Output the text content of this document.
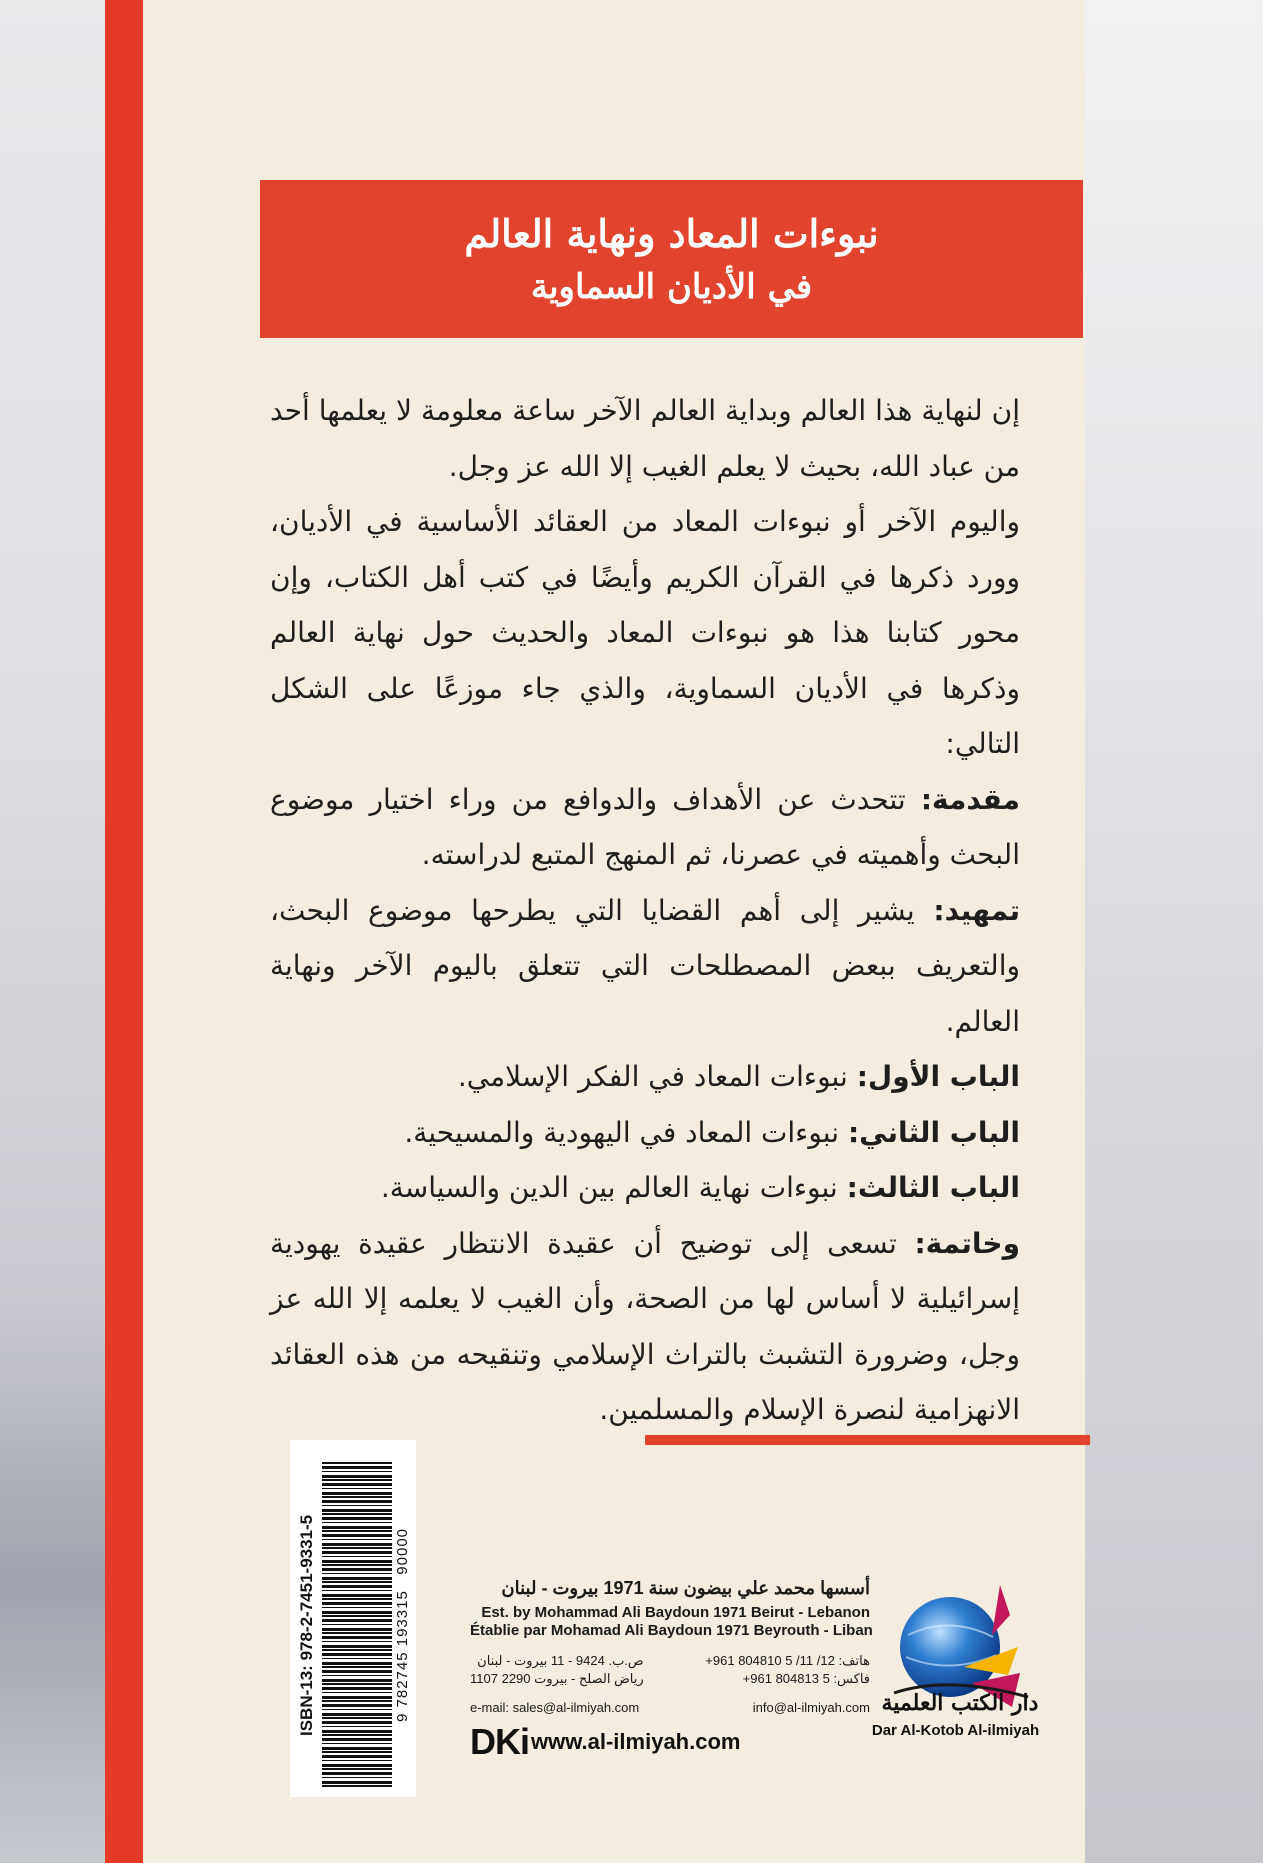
نبوءات المعاد ونهاية العالم
في الأديان السماوية

إن لنهاية هذا العالم وبداية العالم الآخر ساعة معلومة لا يعلمها أحد من عباد الله، بحيث لا يعلم الغيب إلا الله عز وجل.

واليوم الآخر أو نبوءات المعاد من العقائد الأساسية في الأديان، وورد ذكرها في القرآن الكريم وأيضًا في كتب أهل الكتاب، وإن محور كتابنا هذا هو نبوءات المعاد والحديث حول نهاية العالم وذكرها في الأديان السماوية، والذي جاء موزعًا على الشكل التالي:

مقدمة: تتحدث عن الأهداف والدوافع من وراء اختيار موضوع البحث وأهميته في عصرنا، ثم المنهج المتبع لدراسته.

تمهيد: يشير إلى أهم القضايا التي يطرحها موضوع البحث، والتعريف ببعض المصطلحات التي تتعلق باليوم الآخر ونهاية العالم.

الباب الأول: نبوءات المعاد في الفكر الإسلامي.

الباب الثاني: نبوءات المعاد في اليهودية والمسيحية.

الباب الثالث: نبوءات نهاية العالم بين الدين والسياسة.

وخاتمة: تسعى إلى توضيح أن عقيدة الانتظار عقيدة يهودية إسرائيلية لا أساس لها من الصحة، وأن الغيب لا يعلمه إلا الله عز وجل، وضرورة التشبث بالتراث الإسلامي وتنقيحه من هذه العقائد الانهزامية لنصرة الإسلام والمسلمين.

ISBN-13: 978-2-7451-9331-5	9 782745 193315   90000
أسسها محمد علي بيضون سنة 1971 بيروت - لبنان
Est. by Mohammad Ali Baydoun 1971 Beirut - Lebanon
Établie par Mohamad Ali Baydoun 1971 Beyrouth - Liban
هاتف: 12/ 11/ 5 804810 961+
فاكس: 5 804813 961+
ص.ب. 9424 - 11 بيروت - لبنان
رياض الصلح - بيروت 2290 1107
e-mail: sales@al-ilmiyah.com	info@al-ilmiyah.com
DKi www.al-ilmiyah.com
دار الكتب العلمية
Dar Al-Kotob Al-ilmiyah
